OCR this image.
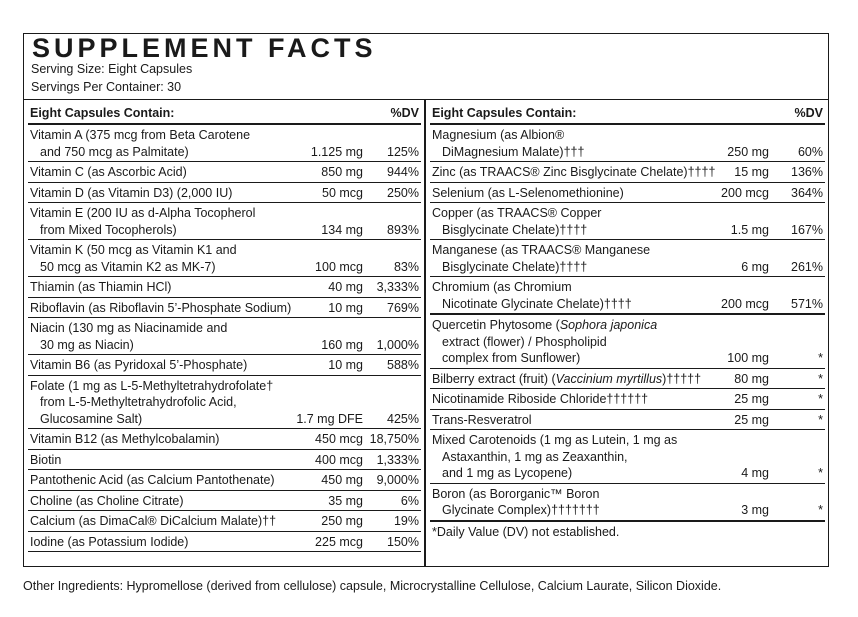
SUPPLEMENT FACTS
Serving Size: Eight Capsules
Servings Per Container: 30
Eight Capsules Contain:	%DV
Vitamin A (375 mcg from Beta Carotene
and 750 mcg as Palmitate)	1.125 mg 125%
Vitamin C (as Ascorbic Acid)	850 mg 944%
Vitamin D (as Vitamin D3) (2,000 IU)	50 mcg 250%
Vitamin E (200 IU as d-Alpha Tocopherol
from Mixed Tocopherols)	134 mg 893%
Vitamin K (50 mcg as Vitamin K1 and
50 mcg as Vitamin K2 as MK-7)	100 mcg 83%
Thiamin (as Thiamin HCl)	40 mg 3,333%
Riboflavin (as Riboflavin 5’-Phosphate Sodium)	10 mg 769%
Niacin (130 mg as Niacinamide and
30 mg as Niacin)	160 mg 1,000%
Vitamin B6 (as Pyridoxal 5’-Phosphate)	10 mg 588%
Folate (1 mg as L-5-Methyltetrahydrofolate†
from L-5-Methyltetrahydrofolic Acid,
Glucosamine Salt)	1.7 mg DFE 425%
Vitamin B12 (as Methylcobalamin)	450 mcg 18,750%
Biotin	400 mcg 1,333%
Pantothenic Acid (as Calcium Pantothenate)	450 mg 9,000%
Choline (as Choline Citrate)	35 mg	6%
Calcium (as DimaCal® DiCalcium Malate)††	250 mg 19%
Iodine (as Potassium Iodide)	225 mcg 150%
Eight Capsules Contain:	%DV
Magnesium (as Albion®
DiMagnesium Malate)†††	250 mg 60%
Zinc (as TRAACS® Zinc Bisglycinate Chelate)††††	15 mg 136%
Selenium (as L-Selenomethionine)	200 mcg 364%
Copper (as TRAACS® Copper
Bisglycinate Chelate)††††	1.5 mg 167%
Manganese (as TRAACS® Manganese
Bisglycinate Chelate)††††	6 mg 261%
Chromium (as Chromium
Nicotinate Glycinate Chelate)††††	200 mcg 571%
Quercetin Phytosome (Sophora japonica
extract (flower) / Phospholipid
complex from Sunflower)	100 mg	*
Bilberry extract (fruit) (Vaccinium myrtillus)†††††	80 mg	*
Nicotinamide Riboside Chloride††††††	25 mg	*
Trans-Resveratrol	25 mg	*
Mixed Carotenoids (1 mg as Lutein, 1 mg as
Astaxanthin, 1 mg as Zeaxanthin,
and 1 mg as Lycopene)	4 mg	*
Boron (as Bororganic™ Boron
Glycinate Complex)†††††††	3 mg	*
*Daily Value (DV) not established.
Other Ingredients: Hypromellose (derived from cellulose) capsule, Microcrystalline Cellulose, Calcium Laurate, Silicon Dioxide.
